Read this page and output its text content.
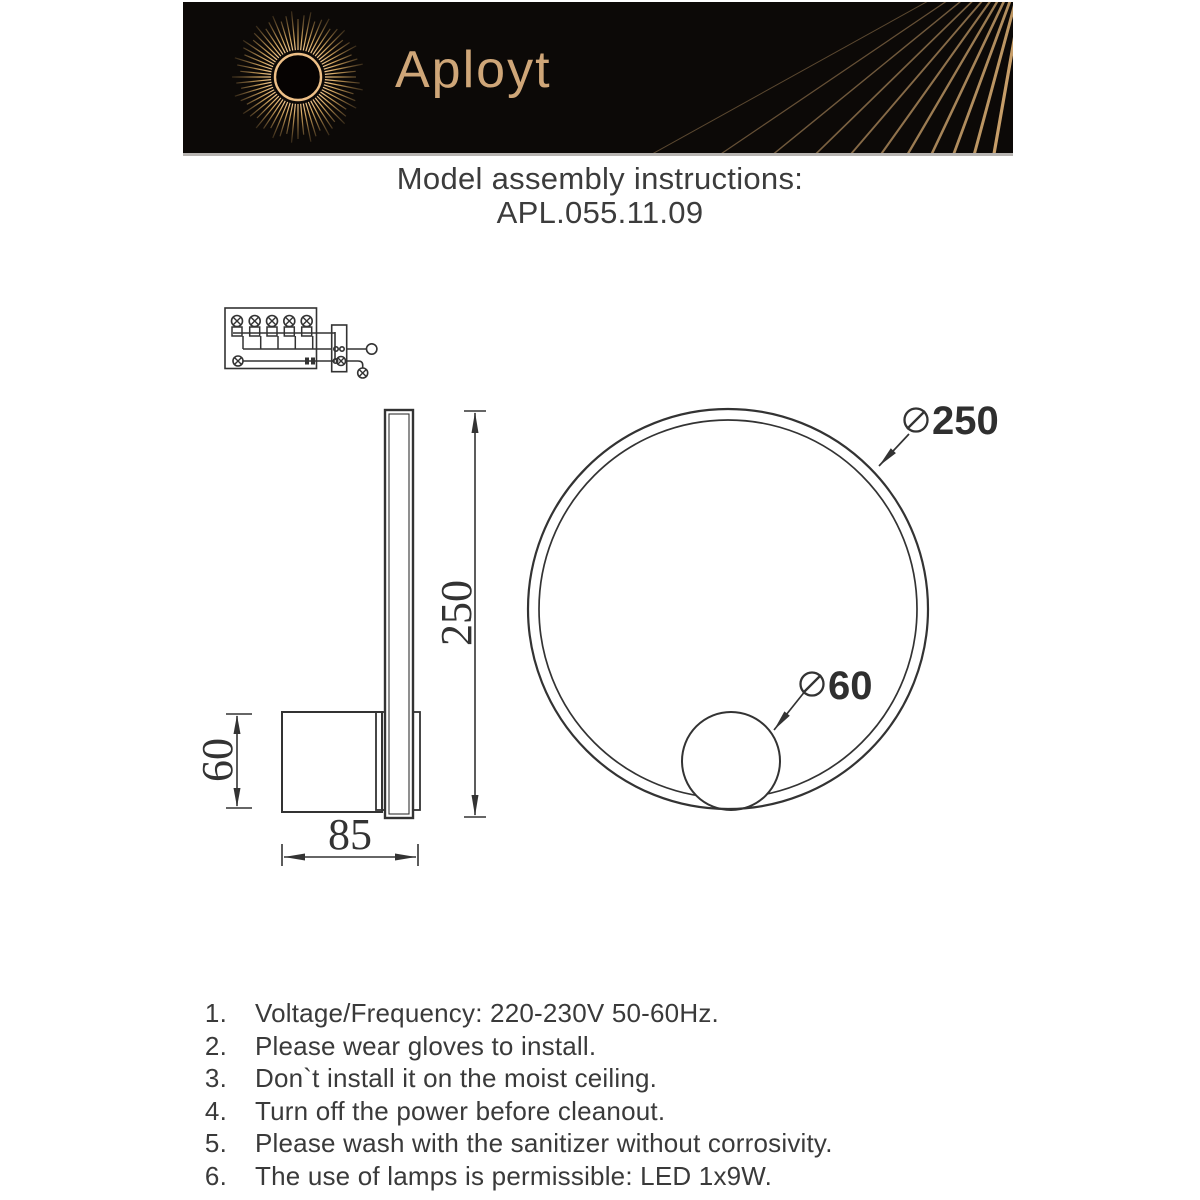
Aployt
Model assembly instructions:
APL.055.11.09
250
60
85
250
60
1. Voltage/Frequency: 220-230V 50-60Hz.
2. Please wear gloves to install.
3. Don`t install it on the moist ceiling.
4. Turn off the power before cleanout.
5. Please wash with the sanitizer without corrosivity.
6. The use of lamps is permissible: LED 1x9W.
